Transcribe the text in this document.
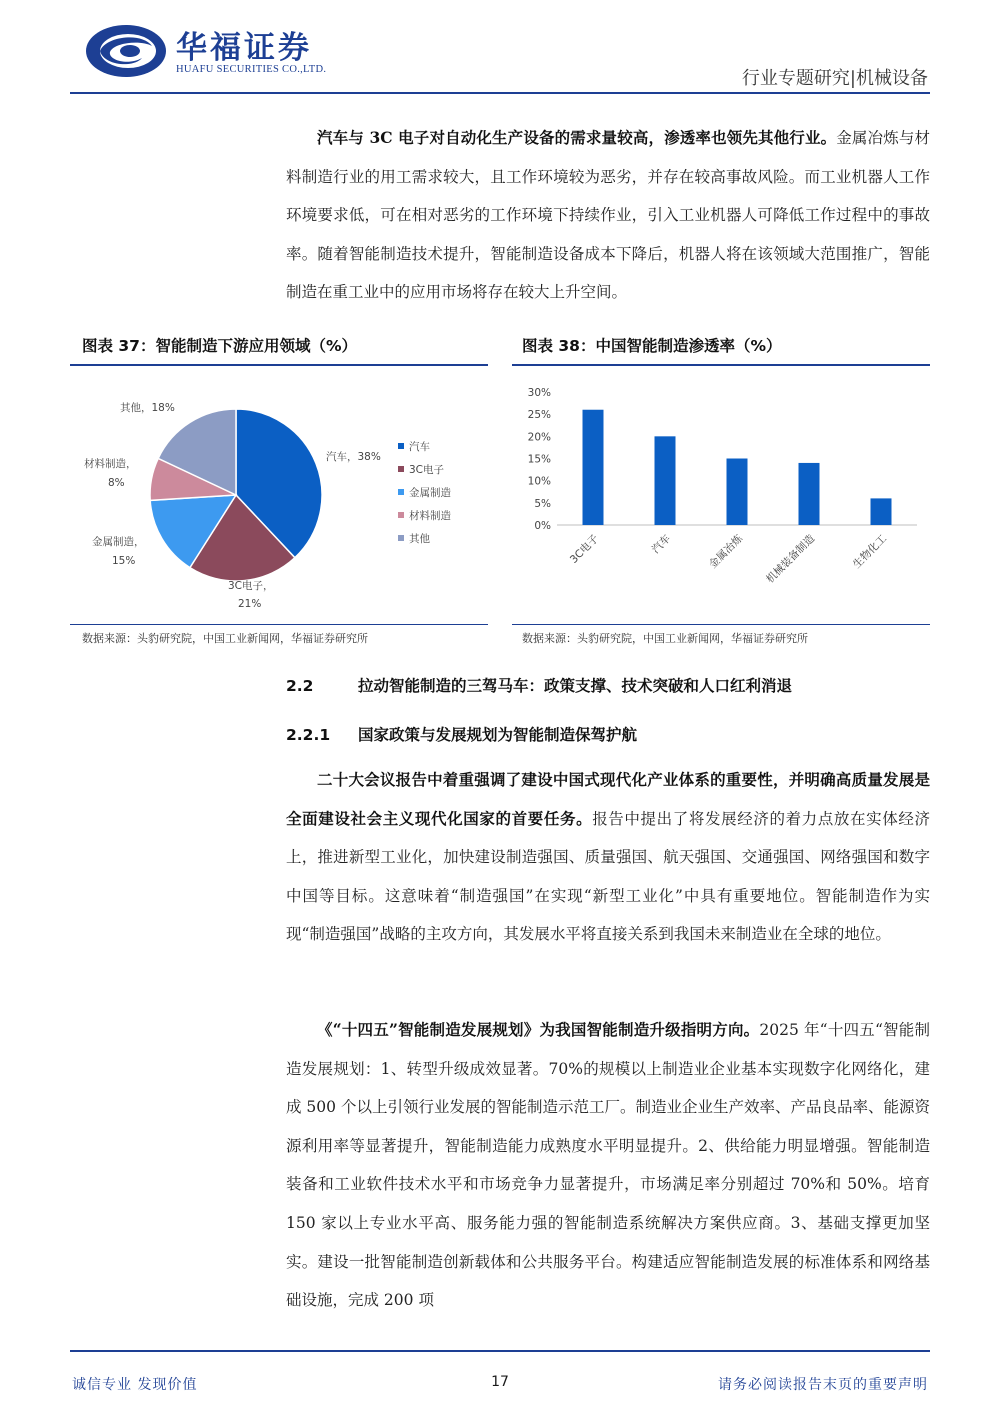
华福证券
HUAFU SECURITIES CO.,LTD.	行业专题研究|机械设备
汽车与 3C 电子对自动化生产设备的需求量较高，渗透率也领先其他行业。金属冶炼与材料制造行业的用工需求较大，且工作环境较为恶劣，并存在较高事故风险。而工业机器人工作环境要求低，可在相对恶劣的工作环境下持续作业，引入工业机器人可降低工作过程中的事故率。随着智能制造技术提升，智能制造设备成本下降后，机器人将在该领域大范围推广，智能制造在重工业中的应用市场将存在较大上升空间。
图表 37：智能制造下游应用领域（%）
其他，18%
汽车，38%
材料制造，
8%
金属制造，
15%
3C电子，
21%
汽车
3C电子
金属制造
材料制造
其他
数据来源：头豹研究院，中国工业新闻网，华福证券研究所
图表 38：中国智能制造渗透率（%）
0%
5%
10%
15%
20%
25%
30%
3C电子	汽车	金属冶炼 机械装备制造	生物化工
数据来源：头豹研究院，中国工业新闻网，华福证券研究所
2.2	拉动智能制造的三驾马车：政策支撑、技术突破和人口红利消退
2.2.1 国家政策与发展规划为智能制造保驾护航
二十大会议报告中着重强调了建设中国式现代化产业体系的重要性，并明确高质量发展是全面建设社会主义现代化国家的首要任务。报告中提出了将发展经济的着力点放在实体经济上，推进新型工业化，加快建设制造强国、质量强国、航天强国、交通强国、网络强国和数字中国等目标。这意味着“制造强国”在实现“新型工业化”中具有重要地位。智能制造作为实现“制造强国”战略的主攻方向，其发展水平将直接关系到我国未来制造业在全球的地位。
《“十四五”智能制造发展规划》为我国智能制造升级指明方向。2025 年“十四五“智能制造发展规划：1、转型升级成效显著。70%的规模以上制造业企业基本实现数字化网络化，建成 500 个以上引领行业发展的智能制造示范工厂。制造业企业生产效率、产品良品率、能源资源利用率等显著提升，智能制造能力成熟度水平明显提升。2、供给能力明显增强。智能制造装备和工业软件技术水平和市场竞争力显著提升，市场满足率分别超过 70%和 50%。培育 150 家以上专业水平高、服务能力强的智能制造系统解决方案供应商。3、基础支撑更加坚实。建设一批智能制造创新载体和公共服务平台。构建适应智能制造发展的标准体系和网络基础设施，完成 200 项
诚信专业 发现价值	17	请务必阅读报告末页的重要声明
